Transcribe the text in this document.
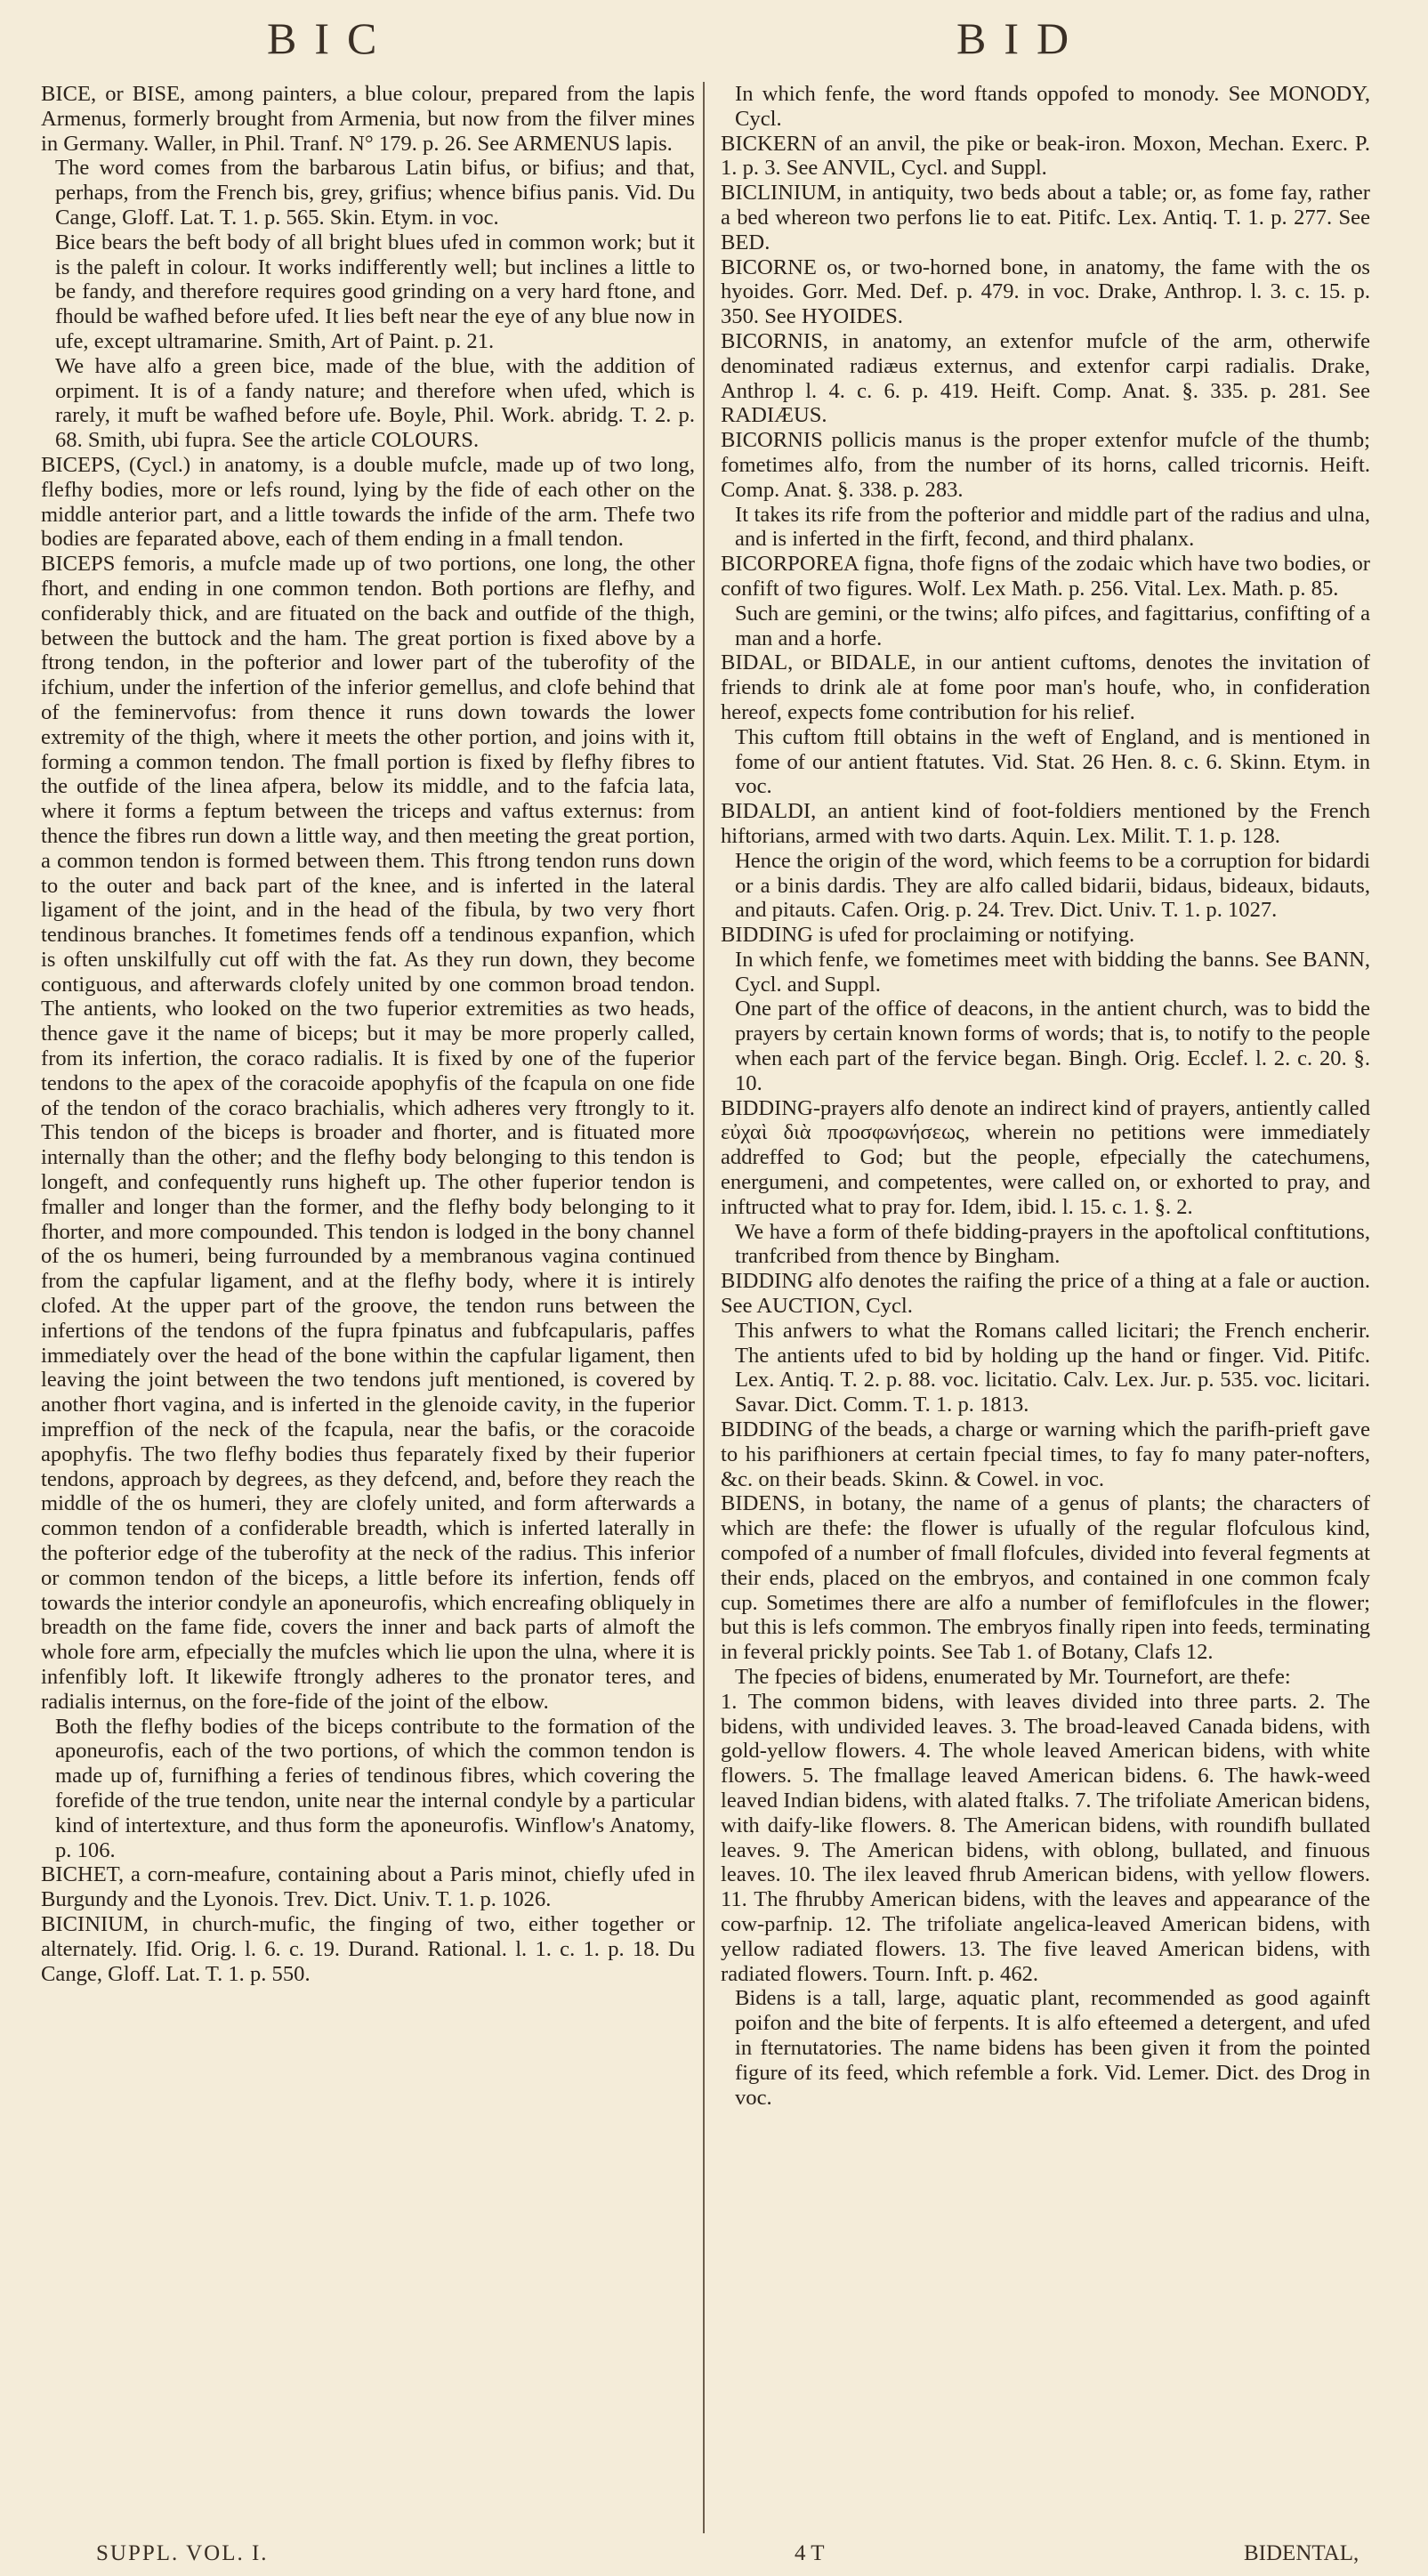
BIC	BID

BICE, or BISE, among painters, a blue colour, prepared from the lapis Armenus, formerly brought from Armenia, but now from the filver mines in Germany. Waller, in Phil. Tranf. N° 179. p. 26. See ARMENUS lapis.

The word comes from the barbarous Latin bifus, or bifius; and that, perhaps, from the French bis, grey, grifius; whence bifius panis. Vid. Du Cange, Gloff. Lat. T. 1. p. 565. Skin. Etym. in voc.

Bice bears the beft body of all bright blues ufed in common work; but it is the paleft in colour. It works indifferently well; but inclines a little to be fandy, and therefore requires good grinding on a very hard ftone, and fhould be wafhed before ufed. It lies beft near the eye of any blue now in ufe, except ultramarine. Smith, Art of Paint. p. 21.

We have alfo a green bice, made of the blue, with the addition of orpiment. It is of a fandy nature; and therefore when ufed, which is rarely, it muft be wafhed before ufe. Boyle, Phil. Work. abridg. T. 2. p. 68. Smith, ubi fupra. See the article COLOURS.

BICEPS, (Cycl.) in anatomy, is a double mufcle, made up of two long, flefhy bodies, more or lefs round, lying by the fide of each other on the middle anterior part, and a little towards the infide of the arm. Thefe two bodies are feparated above, each of them ending in a fmall tendon.

BICEPS femoris, a mufcle made up of two portions, one long, the other fhort, and ending in one common tendon. Both portions are flefhy, and confiderably thick, and are fituated on the back and outfide of the thigh, between the buttock and the ham. The great portion is fixed above by a ftrong tendon, in the pofterior and lower part of the tuberofity of the ifchium, under the infertion of the inferior gemellus, and clofe behind that of the feminervofus: from thence it runs down towards the lower extremity of the thigh, where it meets the other portion, and joins with it, forming a common tendon. The fmall portion is fixed by flefhy fibres to the outfide of the linea afpera, below its middle, and to the fafcia lata, where it forms a feptum between the triceps and vaftus externus: from thence the fibres run down a little way, and then meeting the great portion, a common tendon is formed between them. This ftrong tendon runs down to the outer and back part of the knee, and is inferted in the lateral ligament of the joint, and in the head of the fibula, by two very fhort tendinous branches. It fometimes fends off a tendinous expanfion, which is often unskilfully cut off with the fat. As they run down, they become contiguous, and afterwards clofely united by one common broad tendon. The antients, who looked on the two fuperior extremities as two heads, thence gave it the name of biceps; but it may be more properly called, from its infertion, the coraco radialis. It is fixed by one of the fuperior tendons to the apex of the coracoide apophyfis of the fcapula on one fide of the tendon of the coraco brachialis, which adheres very ftrongly to it. This tendon of the biceps is broader and fhorter, and is fituated more internally than the other; and the flefhy body belonging to this tendon is longeft, and confequently runs higheft up. The other fuperior tendon is fmaller and longer than the former, and the flefhy body belonging to it fhorter, and more compounded. This tendon is lodged in the bony channel of the os humeri, being furrounded by a membranous vagina continued from the capfular ligament, and at the flefhy body, where it is intirely clofed. At the upper part of the groove, the tendon runs between the infertions of the tendons of the fupra fpinatus and fubfcapularis, paffes immediately over the head of the bone within the capfular ligament, then leaving the joint between the two tendons juft mentioned, is covered by another fhort vagina, and is inferted in the glenoide cavity, in the fuperior impreffion of the neck of the fcapula, near the bafis, or the coracoide apophyfis. The two flefhy bodies thus feparately fixed by their fuperior tendons, approach by degrees, as they defcend, and, before they reach the middle of the os humeri, they are clofely united, and form afterwards a common tendon of a confiderable breadth, which is inferted laterally in the pofterior edge of the tuberofity at the neck of the radius. This inferior or common tendon of the biceps, a little before its infertion, fends off towards the interior condyle an aponeurofis, which encreafing obliquely in breadth on the fame fide, covers the inner and back parts of almoft the whole fore arm, efpecially the mufcles which lie upon the ulna, where it is infenfibly loft. It likewife ftrongly adheres to the pronator teres, and radialis internus, on the fore-fide of the joint of the elbow.

Both the flefhy bodies of the biceps contribute to the formation of the aponeurofis, each of the two portions, of which the common tendon is made up of, furnifhing a feries of tendinous fibres, which covering the forefide of the true tendon, unite near the internal condyle by a particular kind of intertexture, and thus form the aponeurofis. Winflow's Anatomy, p. 106.

BICHET, a corn-meafure, containing about a Paris minot, chiefly ufed in Burgundy and the Lyonois. Trev. Dict. Univ. T. 1. p. 1026.

BICINIUM, in church-mufic, the finging of two, either together or alternately. Ifid. Orig. l. 6. c. 19. Durand. Rational. l. 1. c. 1. p. 18. Du Cange, Gloff. Lat. T. 1. p. 550.

In which fenfe, the word ftands oppofed to monody. See MONODY, Cycl.

BICKERN of an anvil, the pike or beak-iron. Moxon, Mechan. Exerc. P. 1. p. 3. See ANVIL, Cycl. and Suppl.

BICLINIUM, in antiquity, two beds about a table; or, as fome fay, rather a bed whereon two perfons lie to eat. Pitifc. Lex. Antiq. T. 1. p. 277. See BED.

BICORNE os, or two-horned bone, in anatomy, the fame with the os hyoides. Gorr. Med. Def. p. 479. in voc. Drake, Anthrop. l. 3. c. 15. p. 350. See HYOIDES.

BICORNIS, in anatomy, an extenfor mufcle of the arm, otherwife denominated radiæus externus, and extenfor carpi radialis. Drake, Anthrop l. 4. c. 6. p. 419. Heift. Comp. Anat. §. 335. p. 281. See RADIÆUS.

BICORNIS pollicis manus is the proper extenfor mufcle of the thumb; fometimes alfo, from the number of its horns, called tricornis. Heift. Comp. Anat. §. 338. p. 283.

It takes its rife from the pofterior and middle part of the radius and ulna, and is inferted in the firft, fecond, and third phalanx.

BICORPOREA figna, thofe figns of the zodaic which have two bodies, or confift of two figures. Wolf. Lex Math. p. 256. Vital. Lex. Math. p. 85.

Such are gemini, or the twins; alfo pifces, and fagittarius, confifting of a man and a horfe.

BIDAL, or BIDALE, in our antient cuftoms, denotes the invitation of friends to drink ale at fome poor man's houfe, who, in confideration hereof, expects fome contribution for his relief.

This cuftom ftill obtains in the weft of England, and is mentioned in fome of our antient ftatutes. Vid. Stat. 26 Hen. 8. c. 6. Skinn. Etym. in voc.

BIDALDI, an antient kind of foot-foldiers mentioned by the French hiftorians, armed with two darts. Aquin. Lex. Milit. T. 1. p. 128.

Hence the origin of the word, which feems to be a corruption for bidardi or a binis dardis. They are alfo called bidarii, bidaus, bideaux, bidauts, and pitauts. Cafen. Orig. p. 24. Trev. Dict. Univ. T. 1. p. 1027.

BIDDING is ufed for proclaiming or notifying.

In which fenfe, we fometimes meet with bidding the banns. See BANN, Cycl. and Suppl.

One part of the office of deacons, in the antient church, was to bidd the prayers by certain known forms of words; that is, to notify to the people when each part of the fervice began. Bingh. Orig. Ecclef. l. 2. c. 20. §. 10.

BIDDING-prayers alfo denote an indirect kind of prayers, antiently called εὐχαὶ διὰ προσφωνήσεως, wherein no petitions were immediately addreffed to God; but the people, efpecially the catechumens, energumeni, and competentes, were called on, or exhorted to pray, and inftructed what to pray for. Idem, ibid. l. 15. c. 1. §. 2.

We have a form of thefe bidding-prayers in the apoftolical conftitutions, tranfcribed from thence by Bingham.

BIDDING alfo denotes the raifing the price of a thing at a fale or auction. See AUCTION, Cycl.

This anfwers to what the Romans called licitari; the French encherir. The antients ufed to bid by holding up the hand or finger. Vid. Pitifc. Lex. Antiq. T. 2. p. 88. voc. licitatio. Calv. Lex. Jur. p. 535. voc. licitari. Savar. Dict. Comm. T. 1. p. 1813.

BIDDING of the beads, a charge or warning which the parifh-prieft gave to his parifhioners at certain fpecial times, to fay fo many pater-nofters, &c. on their beads. Skinn. & Cowel. in voc.

BIDENS, in botany, the name of a genus of plants; the characters of which are thefe: the flower is ufually of the regular flofculous kind, compofed of a number of fmall flofcules, divided into feveral fegments at their ends, placed on the embryos, and contained in one common fcaly cup. Sometimes there are alfo a number of femiflofcules in the flower; but this is lefs common. The embryos finally ripen into feeds, terminating in feveral prickly points. See Tab 1. of Botany, Clafs 12.

The fpecies of bidens, enumerated by Mr. Tournefort, are thefe:

1. The common bidens, with leaves divided into three parts. 2. The bidens, with undivided leaves. 3. The broad-leaved Canada bidens, with gold-yellow flowers. 4. The whole leaved American bidens, with white flowers. 5. The fmallage leaved American bidens. 6. The hawk-weed leaved Indian bidens, with alated ftalks. 7. The trifoliate American bidens, with daify-like flowers. 8. The American bidens, with roundifh bullated leaves. 9. The American bidens, with oblong, bullated, and finuous leaves. 10. The ilex leaved fhrub American bidens, with yellow flowers. 11. The fhrubby American bidens, with the leaves and appearance of the cow-parfnip. 12. The trifoliate angelica-leaved American bidens, with yellow radiated flowers. 13. The five leaved American bidens, with radiated flowers. Tourn. Inft. p. 462.

Bidens is a tall, large, aquatic plant, recommended as good againft poifon and the bite of ferpents. It is alfo efteemed a detergent, and ufed in fternutatories. The name bidens has been given it from the pointed figure of its feed, which refemble a fork. Vid. Lemer. Dict. des Drog in voc.

SUPPL. VOL. I.	4 T	BIDENTAL,
